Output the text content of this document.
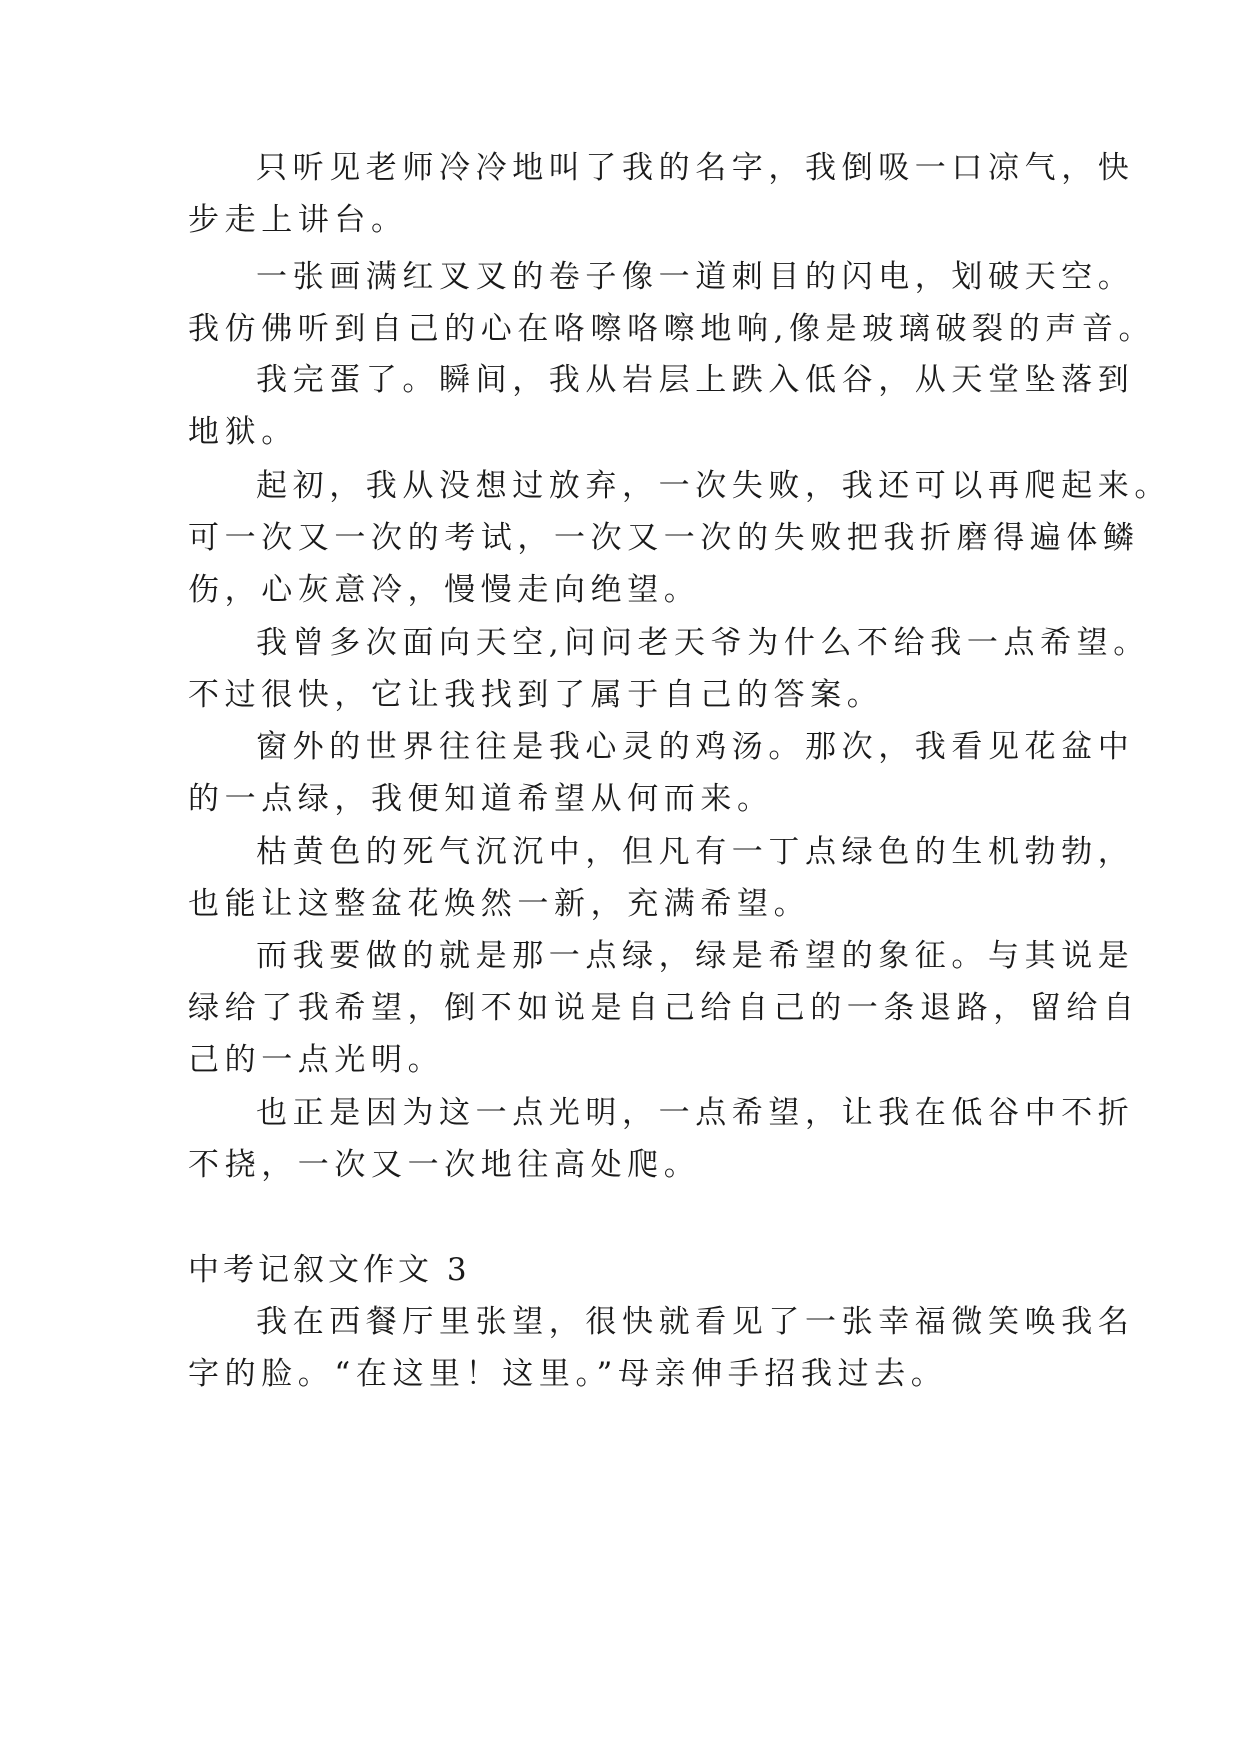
只听见老师冷冷地叫了我的名字，我倒吸一口凉气，快
步走上讲台。
一张画满红叉叉的卷子像一道刺目的闪电，划破天空。
我仿佛听到自己的心在咯嚓咯嚓地响,像是玻璃破裂的声音。
我完蛋了。瞬间，我从岩层上跌入低谷，从天堂坠落到
地狱。
起初，我从没想过放弃，一次失败，我还可以再爬起来。
可一次又一次的考试，一次又一次的失败把我折磨得遍体鳞
伤，心灰意冷，慢慢走向绝望。
我曾多次面向天空,问问老天爷为什么不给我一点希望。
不过很快，它让我找到了属于自己的答案。
窗外的世界往往是我心灵的鸡汤。那次，我看见花盆中
的一点绿，我便知道希望从何而来。
枯黄色的死气沉沉中，但凡有一丁点绿色的生机勃勃，
也能让这整盆花焕然一新，充满希望。
而我要做的就是那一点绿，绿是希望的象征。与其说是
绿给了我希望，倒不如说是自己给自己的一条退路，留给自
己的一点光明。
也正是因为这一点光明，一点希望，让我在低谷中不折
不挠，一次又一次地往高处爬。
中考记叙文作文 3
我在西餐厅里张望，很快就看见了一张幸福微笑唤我名
字的脸。“在这里！这里。”母亲伸手招我过去。
